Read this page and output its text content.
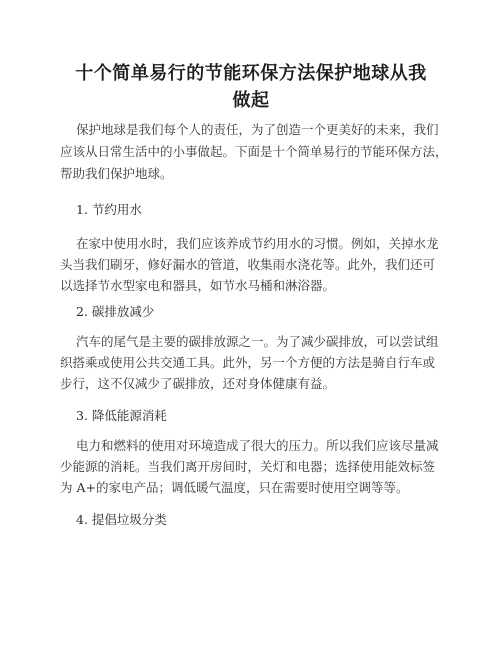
十个简单易行的节能环保方法保护地球从我
做起
保护地球是我们每个人的责任，为了创造一个更美好的未来，我们
应该从日常生活中的小事做起。下面是十个简单易行的节能环保方法，
帮助我们保护地球。
1. 节约用水
在家中使用水时，我们应该养成节约用水的习惯。例如，关掉水龙
头当我们刷牙，修好漏水的管道，收集雨水浇花等。此外，我们还可
以选择节水型家电和器具，如节水马桶和淋浴器。
2. 碳排放减少
汽车的尾气是主要的碳排放源之一。为了减少碳排放，可以尝试组
织搭乘或使用公共交通工具。此外，另一个方便的方法是骑自行车或
步行，这不仅减少了碳排放，还对身体健康有益。
3. 降低能源消耗
电力和燃料的使用对环境造成了很大的压力。所以我们应该尽量减
少能源的消耗。当我们离开房间时，关灯和电器；选择使用能效标签
为 A+的家电产品；调低暖气温度，只在需要时使用空调等等。
4. 提倡垃圾分类
